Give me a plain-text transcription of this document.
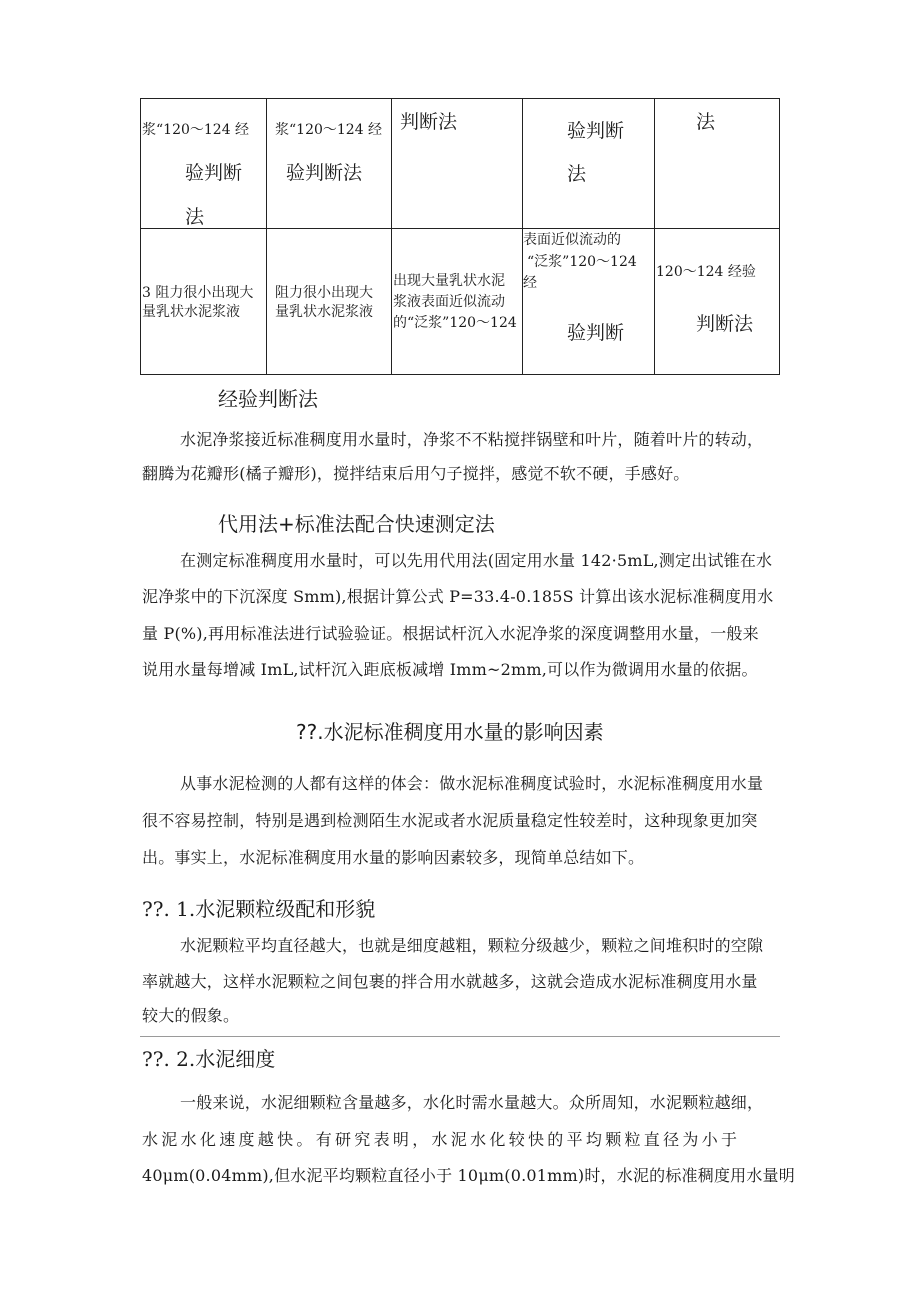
浆“120～124 经
验判断
法
浆“120～124 经
验判断法
判断法	验判断
法
法
3 阻力很小出现大
量乳状水泥浆液
阻力很小出现大
量乳状水泥浆液
出现大量乳状水泥
浆液表面近似流动
的“泛浆”120～124
表面近似流动的
“泛浆”120～124
经
验判断
120～124 经验
判断法
经验判断法
水泥净浆接近标准稠度用水量时，净浆不不粘搅拌锅壁和叶片，随着叶片的转动，
翻腾为花瓣形(橘子瓣形)，搅拌结束后用勺子搅拌，感觉不软不硬，手感好。
代用法+标准法配合快速测定法
在测定标准稠度用水量时，可以先用代用法(固定用水量 142·5mL,测定出试锥在水
泥净浆中的下沉深度 Smm),根据计算公式 P=33.4-0.185S 计算出该水泥标准稠度用水
量 P(%),再用标准法进行试验验证。根据试杆沉入水泥净浆的深度调整用水量，一般来
说用水量每增减 ImL,试杆沉入距底板减增 Imm~2mm,可以作为微调用水量的依据。
??.水泥标准稠度用水量的影响因素
从事水泥检测的人都有这样的体会：做水泥标准稠度试验时，水泥标准稠度用水量
很不容易控制，特别是遇到检测陌生水泥或者水泥质量稳定性较差时，这种现象更加突
出。事实上，水泥标准稠度用水量的影响因素较多，现简单总结如下。
??. 1.水泥颗粒级配和形貌
水泥颗粒平均直径越大，也就是细度越粗，颗粒分级越少，颗粒之间堆积时的空隙
率就越大，这样水泥颗粒之间包裹的拌合用水就越多，这就会造成水泥标准稠度用水量
较大的假象。
??. 2.水泥细度
一般来说，水泥细颗粒含量越多，水化时需水量越大。众所周知，水泥颗粒越细，
水泥水化速度越快。有研究表明，水泥水化较快的平均颗粒直径为小于
40μm(0.04mm),但水泥平均颗粒直径小于 10μm(0.01mm)时，水泥的标准稠度用水量明
